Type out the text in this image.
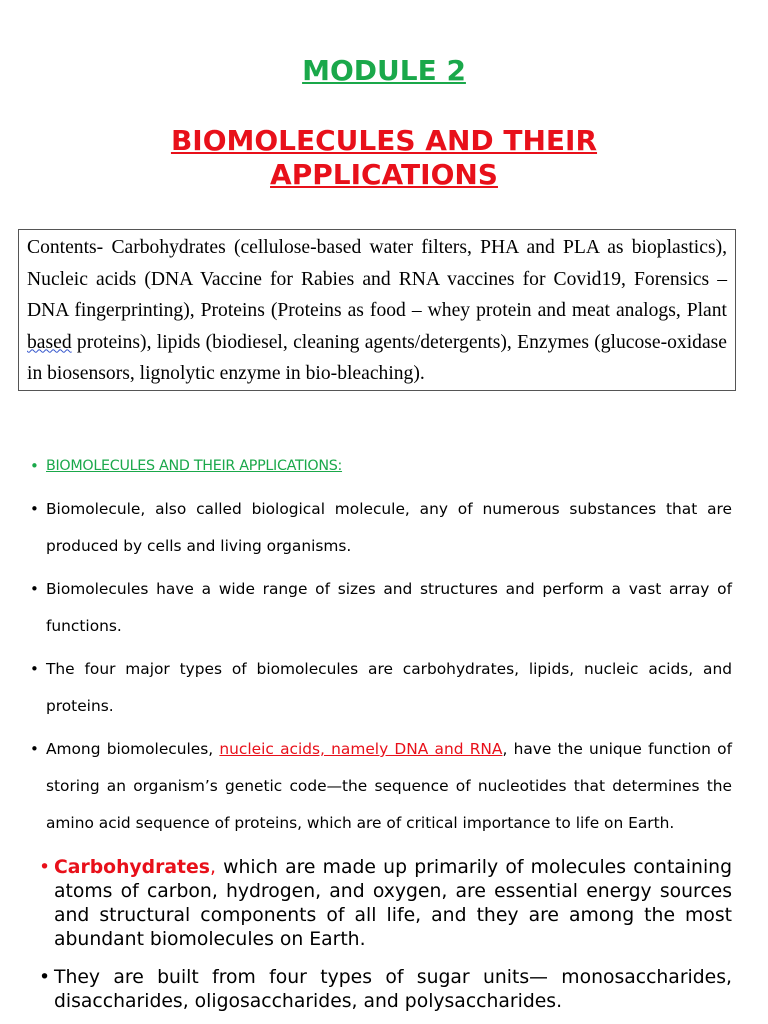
MODULE 2
BIOMOLECULES AND THEIR APPLICATIONS
Contents- Carbohydrates (cellulose-based water filters, PHA and PLA as bioplastics), Nucleic acids (DNA Vaccine for Rabies and RNA vaccines for Covid19, Forensics – DNA fingerprinting), Proteins (Proteins as food – whey protein and meat analogs, Plant based proteins), lipids (biodiesel, cleaning agents/detergents), Enzymes (glucose-oxidase in biosensors, lignolytic enzyme in bio-bleaching).
• BIOMOLECULES AND THEIR APPLICATIONS:
• Biomolecule, also called biological molecule, any of numerous substances that are produced by cells and living organisms.
• Biomolecules have a wide range of sizes and structures and perform a vast array of functions.
• The four major types of biomolecules are carbohydrates, lipids, nucleic acids, and proteins.
• Among biomolecules, nucleic acids, namely DNA and RNA, have the unique function of storing an organism’s genetic code—the sequence of nucleotides that determines the amino acid sequence of proteins, which are of critical importance to life on Earth.
• Carbohydrates, which are made up primarily of molecules containing atoms of carbon, hydrogen, and oxygen, are essential energy sources and structural components of all life, and they are among the most abundant biomolecules on Earth.
• They are built from four types of sugar units— monosaccharides, disaccharides, oligosaccharides, and polysaccharides.
